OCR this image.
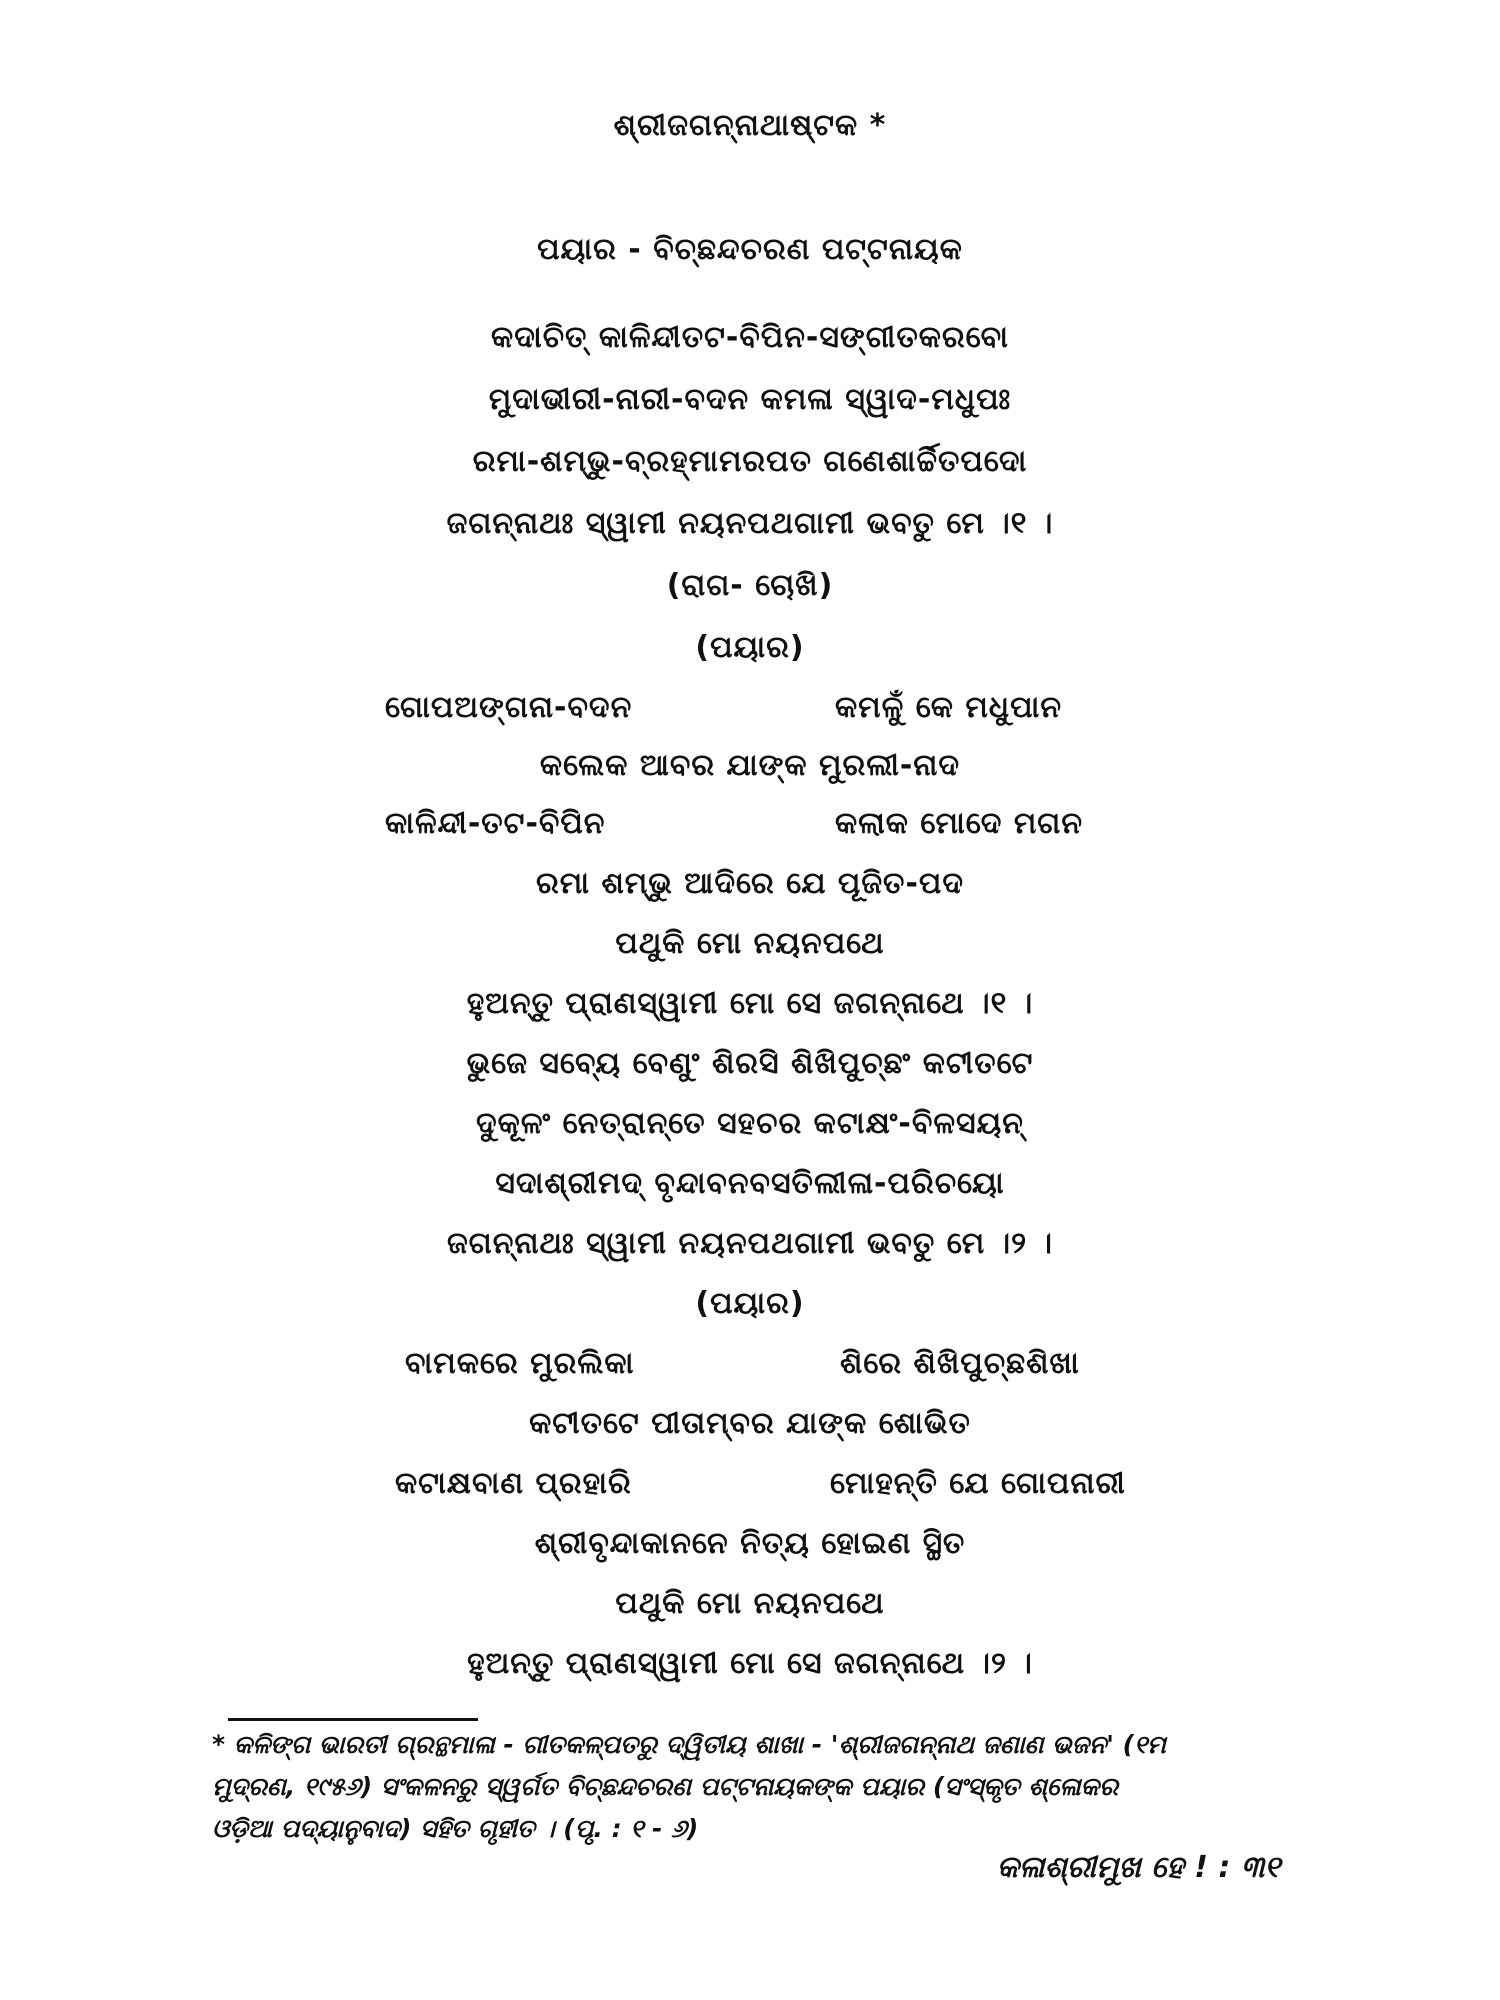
ଶ୍ରୀଜଗନ୍ନାଥାଷ୍ଟକ *
ପୟାର - ବିଚ୍ଛନ୍ଦଚରଣ ପଟ୍ଟନାୟକ
କଦାଚିତ୍ କାଳିନ୍ଦୀତଟ-ବିପିନ-ସଙ୍ଗୀତକରବୋ
ମୁଦାଭୀରୀ-ନାରୀ-ବଦନ କମଳା ସ୍ୱାଦ-ମଧୁପଃ
ରମା-ଶମ୍ଭୁ-ବ୍ରହ୍ମାମରପତ ଗଣେଶାର୍ଚ୍ଚିତପଦୋ
ଜଗନ୍ନାଥଃ ସ୍ୱାମୀ ନୟନପଥଗାମୀ ଭବତୁ ମେ ।୧ ।
(ରାଗ- ଚୋଖି)
(ପୟାର)
ଗୋପଅଙ୍ଗନା-ବଦନ	କମଳୁଁ କେ ମଧୁପାନ
କଲେକ ଆବର ଯାଙ୍କ ମୁରଲୀ-ନାଦ
କାଳିନ୍ଦୀ-ତଟ-ବିପିନ	କଲାକ ମୋଦେ ମଗନ
ରମା ଶମ୍ଭୁ ଆଦିରେ ଯେ ପୂଜିତ-ପଦ
ପଥୁକି ମୋ ନୟନପଥେ
ହୁଅନ୍ତୁ ପ୍ରାଣସ୍ୱାମୀ ମୋ ସେ ଜଗନ୍ନାଥେ ।୧ ।
ଭୁଜେ ସବ୍ୟେ ବେଣୁଂ ଶିରସି ଶିଖିପୁଚ୍ଛଂ କଟୀତଟେ
ଦୁକୂଳଂ ନେତ୍ରାନ୍ତେ ସହଚର କଟାକ୍ଷଂ-ବିଳସୟନ୍
ସଦାଶ୍ରୀମଦ୍ ବୃନ୍ଦାବନବସତିଲୀଳା-ପରିଚୟୋ
ଜଗନ୍ନାଥଃ ସ୍ୱାମୀ ନୟନପଥଗାମୀ ଭବତୁ ମେ ।୨ ।
(ପୟାର)
ବାମକରେ ମୁରଲିକା	ଶିରେ ଶିଖିପୁଚ୍ଛଶିଖା
କଟୀତଟେ ପୀତାମ୍ବର ଯାଙ୍କ ଶୋଭିତ
କଟାକ୍ଷବାଣ ପ୍ରହାରି	ମୋହନ୍ତି ଯେ ଗୋପନାରୀ
ଶ୍ରୀବୃନ୍ଦାକାନନେ ନିତ୍ୟ ହୋଇଣ ସ୍ଥିତ
ପଥୁକି ମୋ ନୟନପଥେ
ହୁଅନ୍ତୁ ପ୍ରାଣସ୍ୱାମୀ ମୋ ସେ ଜଗନ୍ନାଥେ ।୨ ।
* କଳିଙ୍ଗ ଭାରତୀ ଗ୍ରନ୍ଥମାଳା - ଗୀତକଳ୍ପତରୁ ଦ୍ୱିତୀୟ ଶାଖା - 'ଶ୍ରୀଜଗନ୍ନାଥ ଜଣାଣ ଭଜନ' (୧ମ
ମୁଦ୍ରଣ, ୧୯୫୬) ସଂକଳନରୁ ସ୍ୱର୍ଗତ ବିଚ୍ଛନ୍ଦଚରଣ ପଟ୍ଟନାୟକଙ୍କ ପୟାର (ସଂସ୍କୃତ ଶ୍ଳୋକର
ଓଡ଼ିଆ ପଦ୍ୟାନୁବାଦ) ସହିତ ଗୃହୀତ । (ପୃ. : ୧ - ୬)
କଳାଶ୍ରୀମୁଖ ହେ ! : ୩୧
